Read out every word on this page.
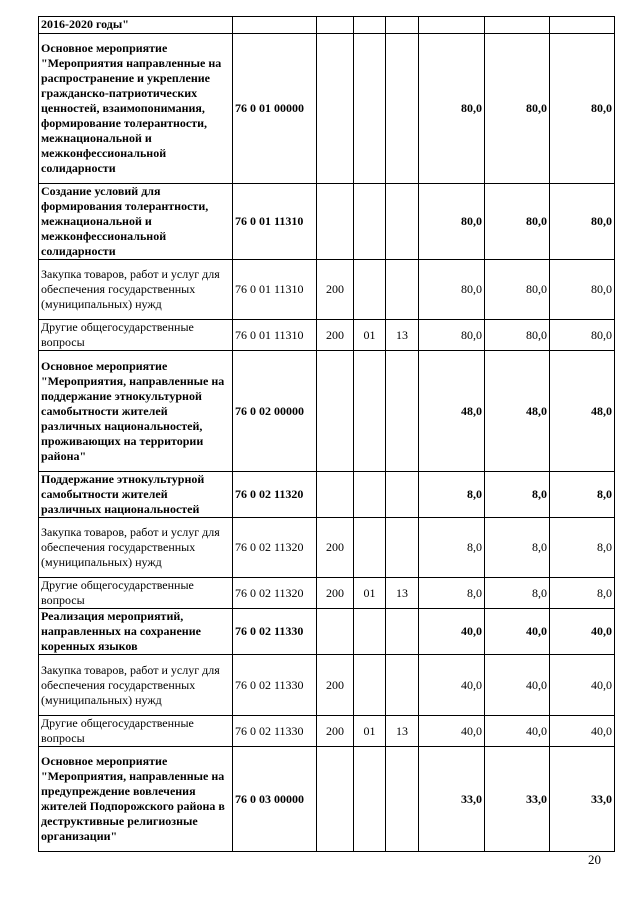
2016-2020 годы"							
Основное мероприятие "Мероприятия направленные на распространение и укрепление гражданско-патриотических ценностей, взаимопонимания, формирование толерантности, межнациональной и межконфессиональной солидарности	76 0 01 00000				80,0	80,0	80,0
Создание условий для формирования толерантности, межнациональной и межконфессиональной солидарности	76 0 01 11310				80,0	80,0	80,0
Закупка товаров, работ и услуг для обеспечения государственных (муниципальных) нужд	76 0 01 11310	200			80,0	80,0	80,0
Другие общегосударственные вопросы	76 0 01 11310	200	01	13	80,0	80,0	80,0
Основное мероприятие "Мероприятия, направленные на поддержание этнокультурной самобытности жителей различных национальностей, проживающих на территории района"	76 0 02 00000				48,0	48,0	48,0
Поддержание этнокультурной самобытности жителей различных национальностей	76 0 02 11320				8,0	8,0	8,0
Закупка товаров, работ и услуг для обеспечения государственных (муниципальных) нужд	76 0 02 11320	200			8,0	8,0	8,0
Другие общегосударственные вопросы	76 0 02 11320	200	01	13	8,0	8,0	8,0
Реализация мероприятий, направленных на сохранение коренных языков	76 0 02 11330				40,0	40,0	40,0
Закупка товаров, работ и услуг для обеспечения государственных (муниципальных) нужд	76 0 02 11330	200			40,0	40,0	40,0
Другие общегосударственные вопросы	76 0 02 11330	200	01	13	40,0	40,0	40,0
Основное мероприятие "Мероприятия, направленные на предупреждение вовлечения жителей Подпорожского района в деструктивные религиозные организации"	76 0 03 00000				33,0	33,0	33,0
20
